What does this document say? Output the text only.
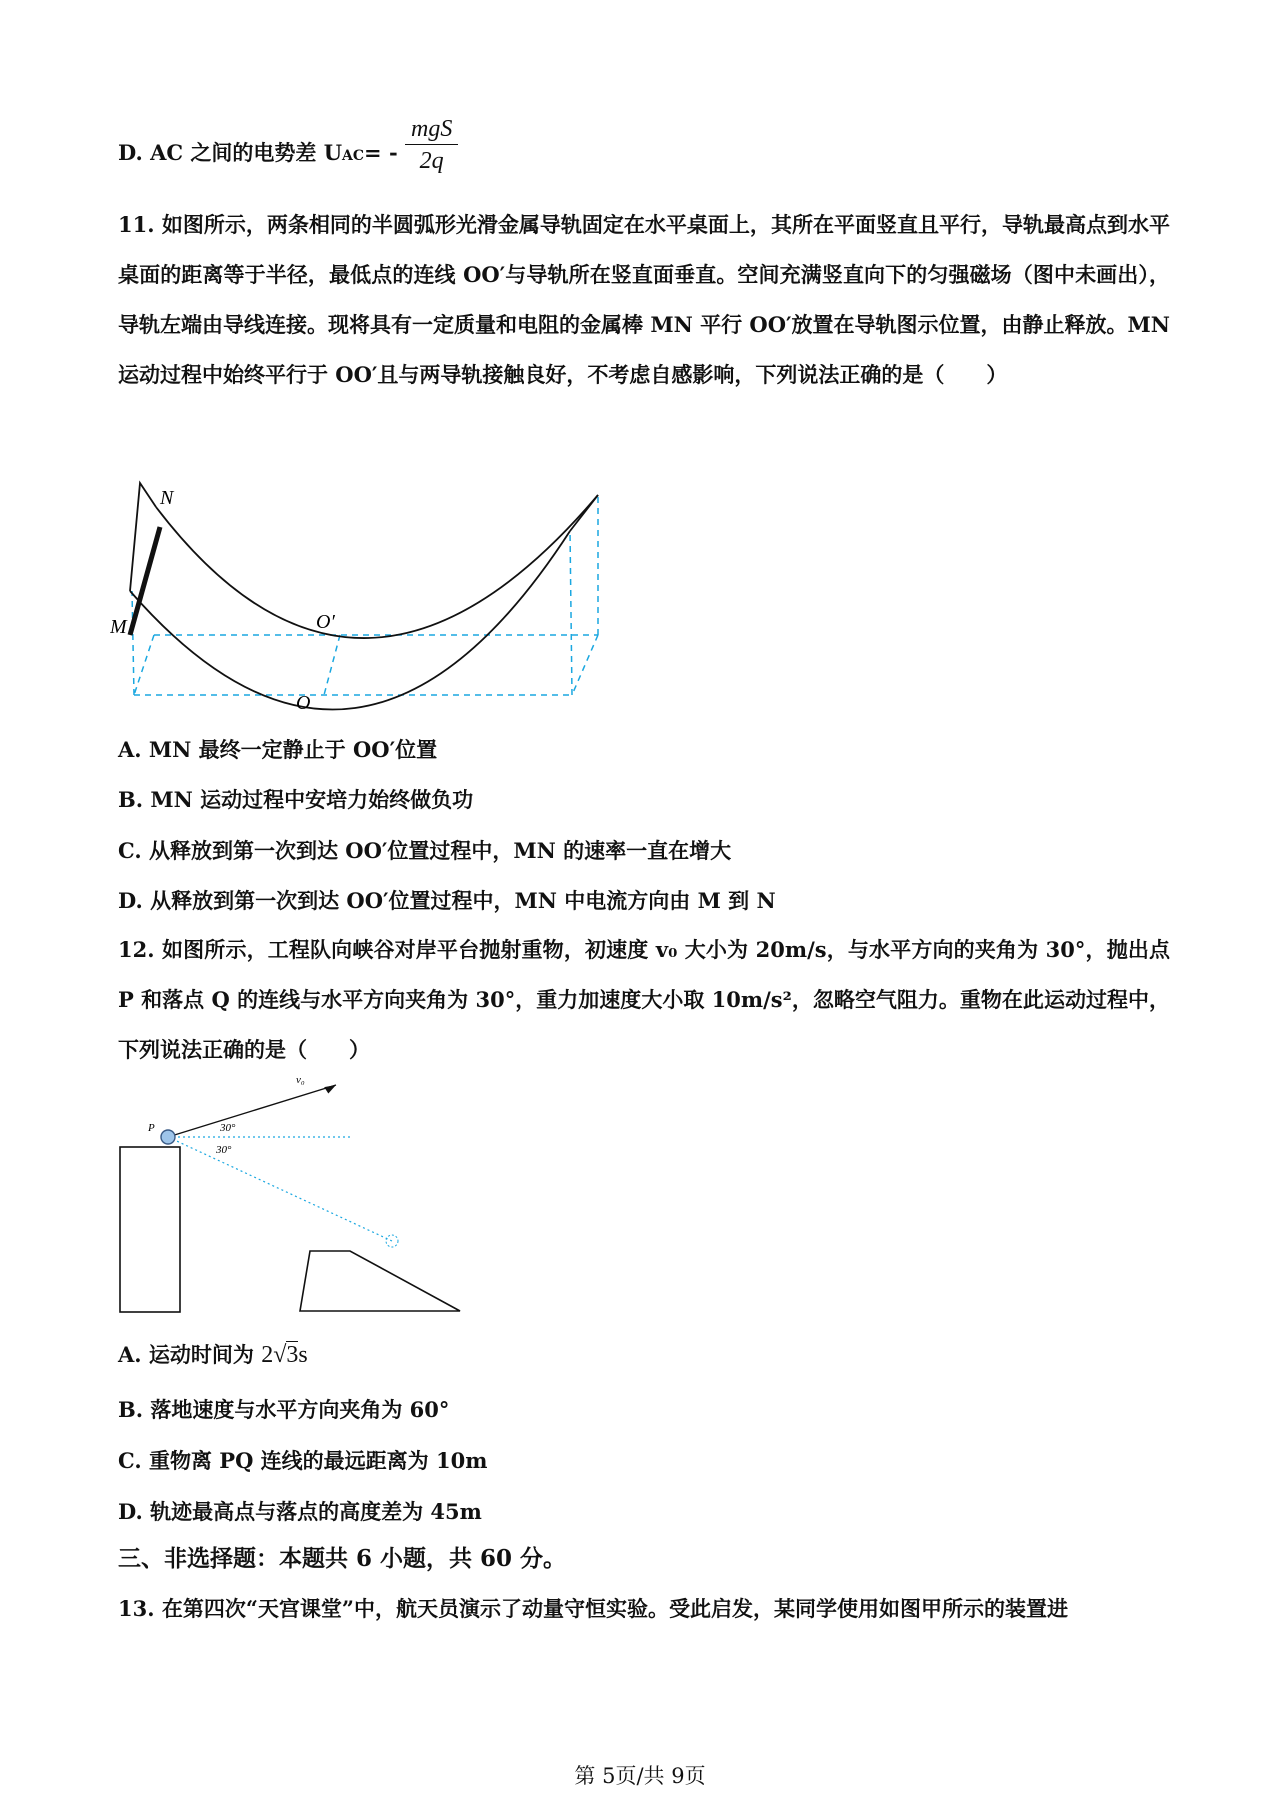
D. AC 之间的电势差 $UAC= - \frac{\text{mgS}}{2q}$
11. 如图所示，两条相同的半圆弧形光滑金属导轨固定在水平桌面上，其所在平面竖直且平行，导轨最高点到水平桌面的距离等于半径，最低点的连线 OO′与导轨所在竖直面垂直。空间充满竖直向下的匀强磁场（图中未画出），导轨左端由导线连接。现将具有一定质量和电阻的金属棒 MN 平行 OO′放置在导轨图示位置，由静止释放。MN 运动过程中始终平行于 OO′且与两导轨接触良好，不考虑自感影响，下列说法正确的是（　　）
N
M	O′
O
A. MN 最终一定静止于 OO′位置
B. MN 运动过程中安培力始终做负功
C. 从释放到第一次到达 OO′位置过程中，MN 的速率一直在增大
D. 从释放到第一次到达 OO′位置过程中，MN 中电流方向由 M 到 N
12. 如图所示，工程队向峡谷对岸平台抛射重物，初速度 v₀ 大小为 20m/s，与水平方向的夹角为 30°，抛出点 P 和落点 Q 的连线与水平方向夹角为 30°，重力加速度大小取 10m/s²，忽略空气阻力。重物在此运动过程中，下列说法正确的是（　　）
v₀
P	30°
30°
A. 运动时间为 2√3s
B. 落地速度与水平方向夹角为 60°
C. 重物离 PQ 连线的最远距离为 10m
D. 轨迹最高点与落点的高度差为 45m
三、非选择题：本题共 6 小题，共 60 分。
13. 在第四次“天宫课堂”中，航天员演示了动量守恒实验。受此启发，某同学使用如图甲所示的装置进
第 5页/共 9页
